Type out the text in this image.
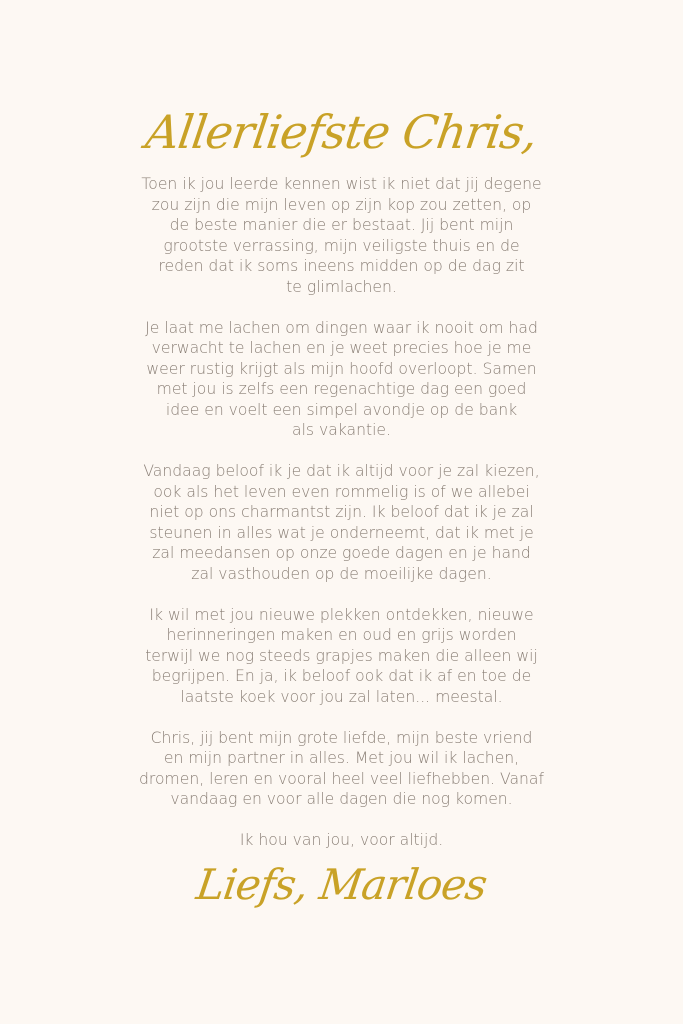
Allerliefste Chris,

Toen ik jou leerde kennen wist ik niet dat jij degene
zou zijn die mijn leven op zijn kop zou zetten, op
de beste manier die er bestaat. Jij bent mijn
grootste verrassing, mijn veiligste thuis en de
reden dat ik soms ineens midden op de dag zit
te glimlachen.

Je laat me lachen om dingen waar ik nooit om had
verwacht te lachen en je weet precies hoe je me
weer rustig krijgt als mijn hoofd overloopt. Samen
met jou is zelfs een regenachtige dag een goed
idee en voelt een simpel avondje op de bank
als vakantie.

Vandaag beloof ik je dat ik altijd voor je zal kiezen,
ook als het leven even rommelig is of we allebei
niet op ons charmantst zijn. Ik beloof dat ik je zal
steunen in alles wat je onderneemt, dat ik met je
zal meedansen op onze goede dagen en je hand
zal vasthouden op de moeilijke dagen.

Ik wil met jou nieuwe plekken ontdekken, nieuwe
herinneringen maken en oud en grijs worden
terwijl we nog steeds grapjes maken die alleen wij
begrijpen. En ja, ik beloof ook dat ik af en toe de
laatste koek voor jou zal laten... meestal.

Chris, jij bent mijn grote liefde, mijn beste vriend
en mijn partner in alles. Met jou wil ik lachen,
dromen, leren en vooral heel veel liefhebben. Vanaf
vandaag en voor alle dagen die nog komen.

Ik hou van jou, voor altijd.

Liefs, Marloes
